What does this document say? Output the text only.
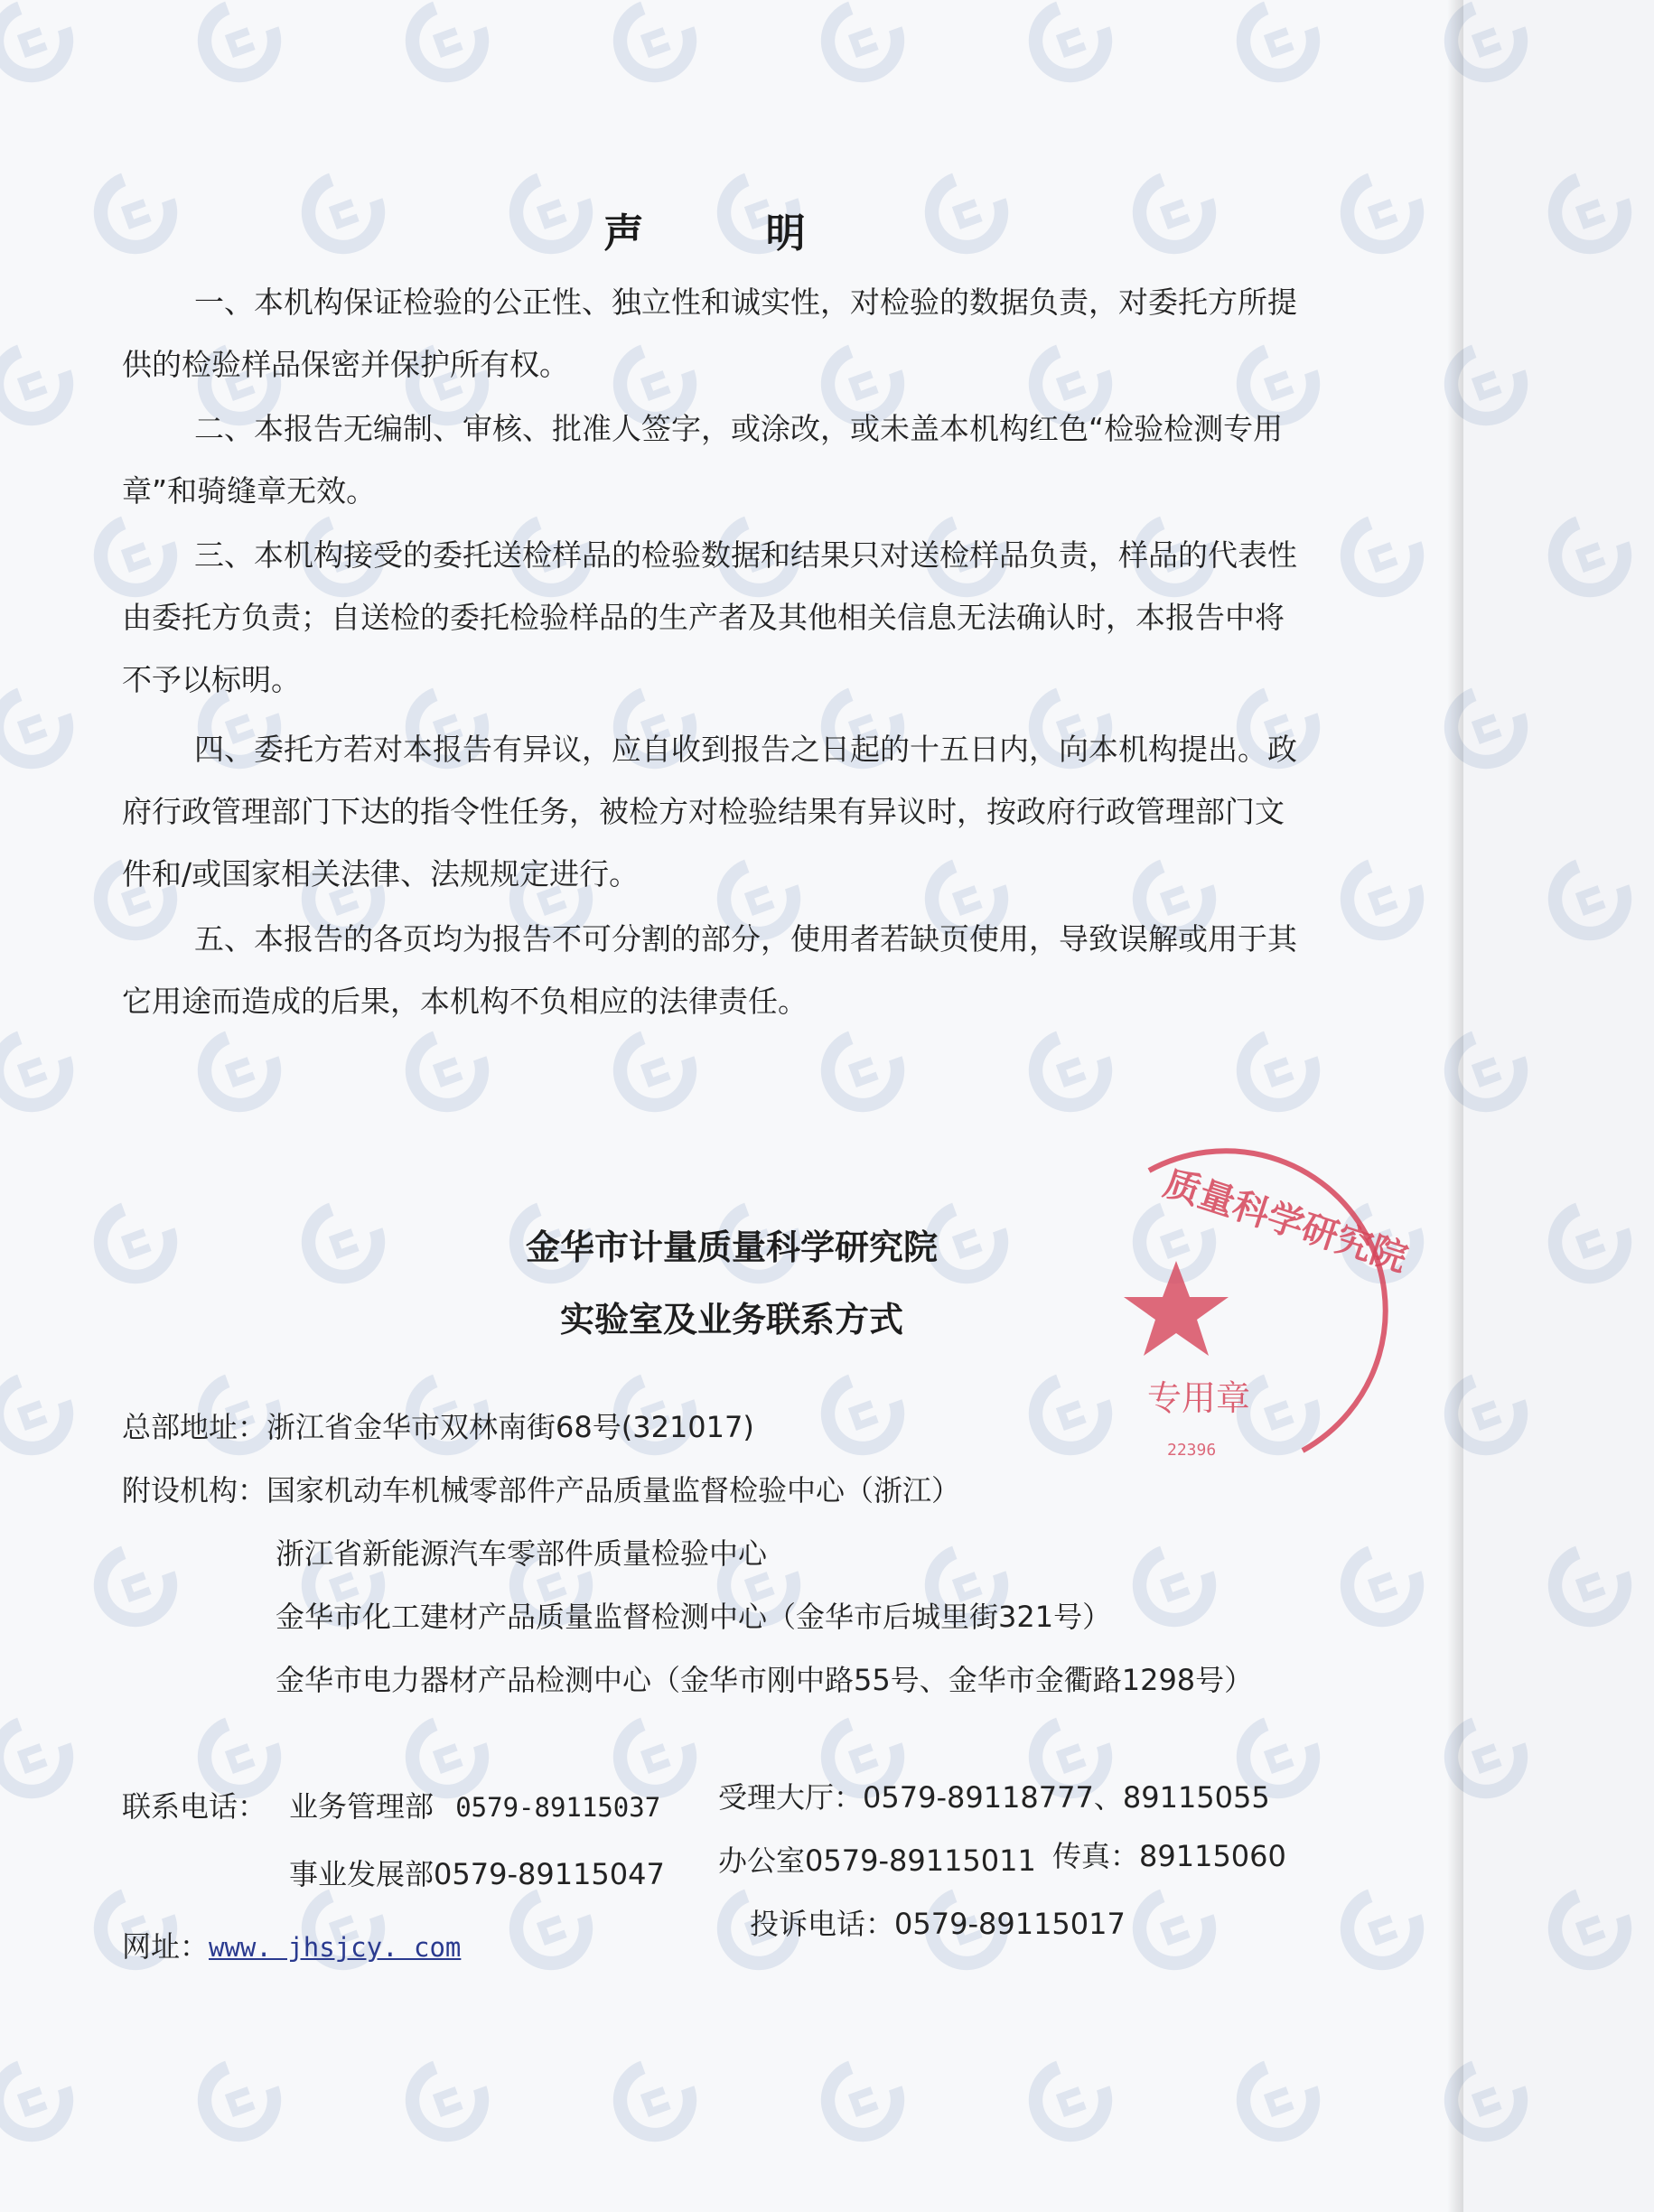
声 明

一、本机构保证检验的公正性、独立性和诚实性，对检验的数据负责，对委托方所提供的检验样品保密并保护所有权。

二、本报告无编制、审核、批准人签字，或涂改，或未盖本机构红色“检验检测专用章”和骑缝章无效。

三、本机构接受的委托送检样品的检验数据和结果只对送检样品负责，样品的代表性由委托方负责；自送检的委托检验样品的生产者及其他相关信息无法确认时，本报告中将不予以标明。

四、委托方若对本报告有异议，应自收到报告之日起的十五日内，向本机构提出。政府行政管理部门下达的指令性任务，被检方对检验结果有异议时，按政府行政管理部门文件和/或国家相关法律、法规规定进行。

五、本报告的各页均为报告不可分割的部分，使用者若缺页使用，导致误解或用于其它用途而造成的后果，本机构不负相应的法律责任。

金华市计量质量科学研究院
实验室及业务联系方式
质量科学研究院
专用章
22396
总部地址：浙江省金华市双林南街68号(321017)
附设机构：国家机动车机械零部件产品质量监督检验中心（浙江）
浙江省新能源汽车零部件质量检验中心
金华市化工建材产品质量监督检测中心（金华市后城里街321号）
金华市电力器材产品检测中心（金华市刚中路55号、金华市金衢路1298号）
联系电话： 业务管理部 0579-89115037 受理大厅：0579-89118777、89115055
事业发展部0579-89115047 办公室0579-89115011 传真：89115060
网址：www. jhsjcy. com
投诉电话：0579-89115017
